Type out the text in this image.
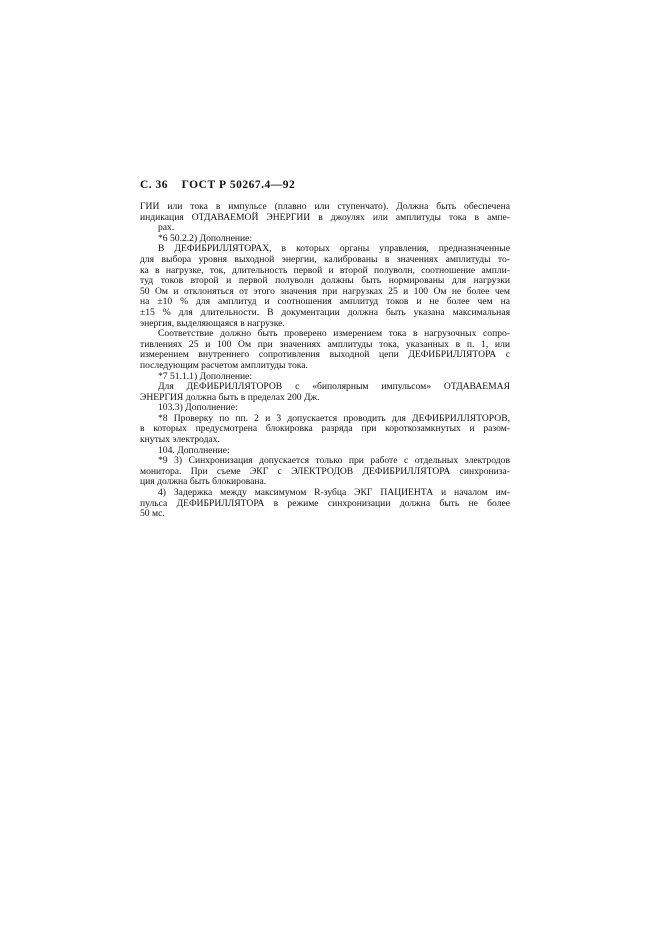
С. 36 ГОСТ Р 50267.4—92
ГИИ или тока в импульсе (плавно или ступенчато). Должна быть обеспечена
индикация ОТДАВАЕМОЙ ЭНЕРГИИ в джоулях или амплитуды тока в ампе-
рах.
*6 50.2.2) Дополнение:
В ДЕФИБРИЛЛЯТОРАХ, в которых органы управления, предназначенные
для выбора уровня выходной энергии, калиброваны в значениях амплитуды то-
ка в нагрузке, ток, длительность первой и второй полуволн, соотношение ампли-
туд токов второй и первой полуволн должны быть нормированы для нагрузки
50 Ом и отклоняться от этого значения при нагрузках 25 и 100 Ом не более чем
на ±10 % для амплитуд и соотношения амплитуд токов и не более чем на
±15 % для длительности. В документации должна быть указана максимальная
энергия, выделяющаяся в нагрузке.
Соответствие должно быть проверено измерением тока в нагрузочных сопро-
тивлениях 25 и 100 Ом при значениях амплитуды тока, указанных в п. 1, или
измерением внутреннего сопротивления выходной цепи ДЕФИБРИЛЛЯТОРА с
последующим расчетом амплитуды тока.
*7 51.1.1) Дополнение:
Для ДЕФИБРИЛЛЯТОРОВ с «биполярным импульсом» ОТДАВАЕМАЯ
ЭНЕРГИЯ должна быть в пределах 200 Дж.
103.3) Дополнение:
*8 Проверку по пп. 2 и 3 допускается проводить для ДЕФИБРИЛЛЯТОРОВ,
в которых предусмотрена блокировка разряда при короткозамкнутых и разом-
кнутых электродах.
104. Дополнение:
*9 3) Синхронизация допускается только при работе с отдельных электродов
монитора. При съеме ЭКГ с ЭЛЕКТРОДОВ ДЕФИБРИЛЛЯТОРА синхрониза-
ция должна быть блокирована.
4) Задержка между максимумом R-зубца ЭКГ ПАЦИЕНТА и началом им-
пульса ДЕФИБРИЛЛЯТОРА в режиме синхронизации должна быть не более
50 мс.
